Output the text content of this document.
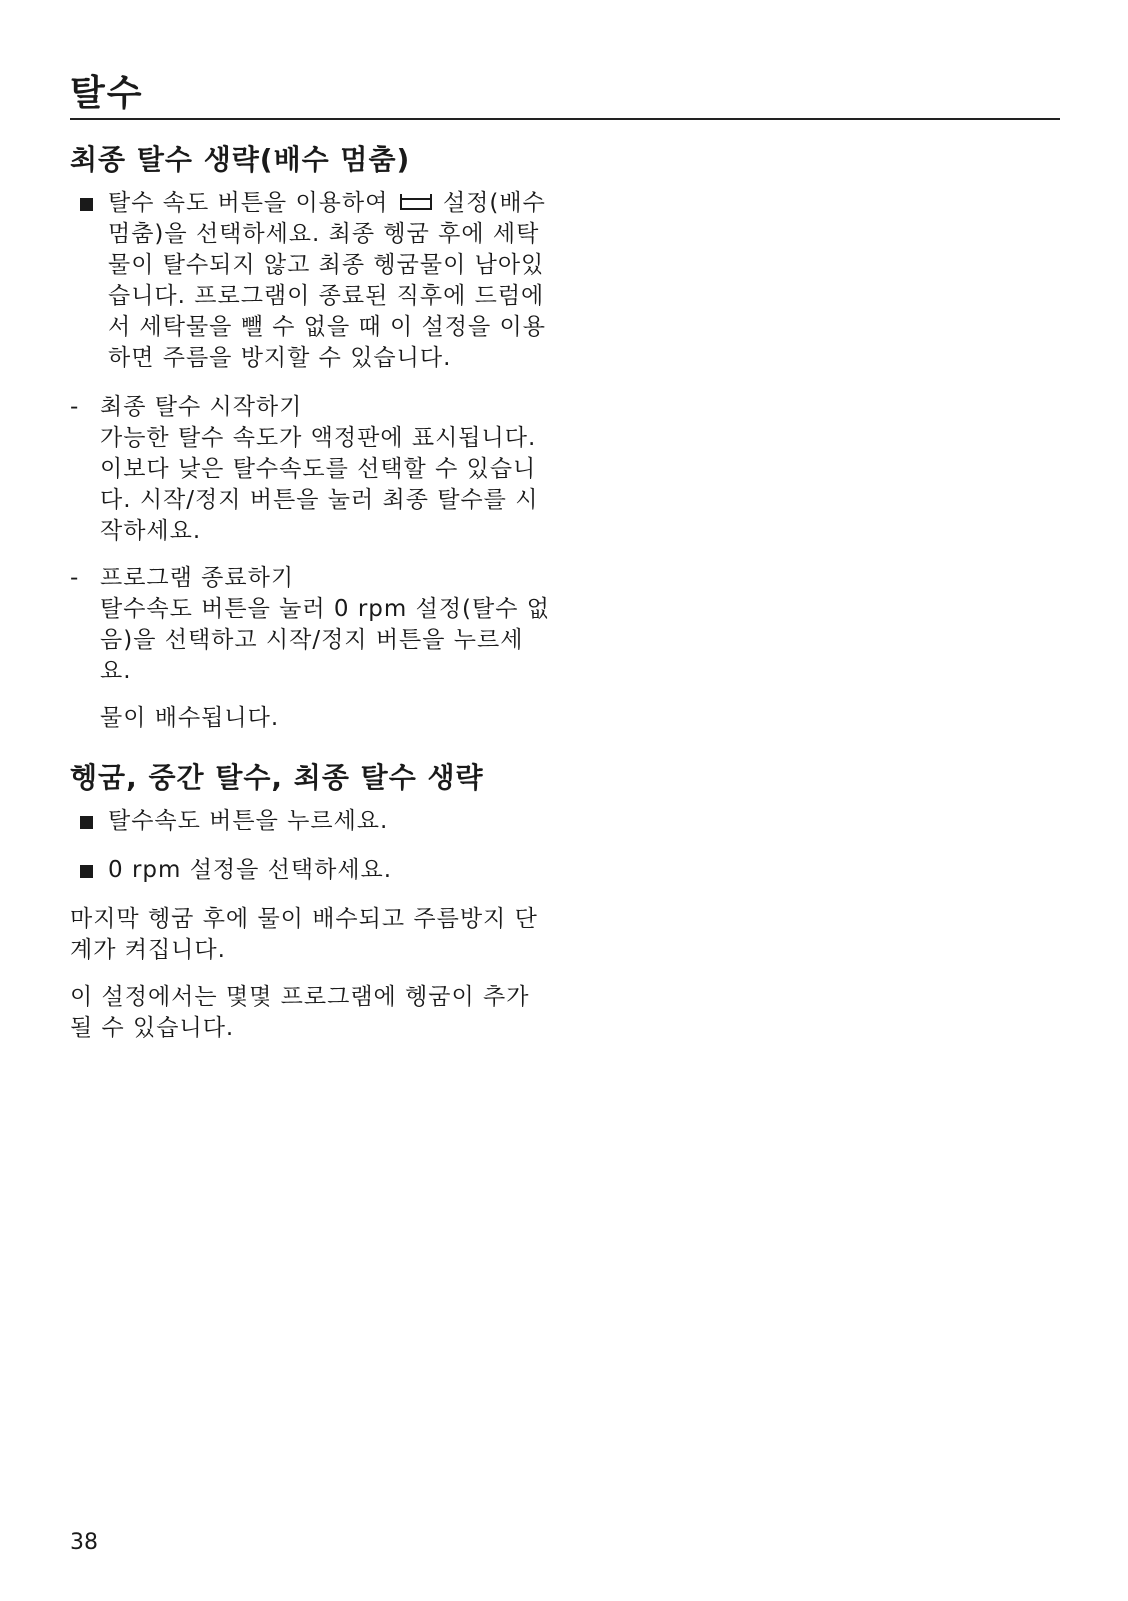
탈수
최종 탈수 생략(배수 멈춤)
탈수 속도 버튼을 이용하여 설정(배수 멈춤)을 선택하세요. 최종 헹굼 후에 세탁물이 탈수되지 않고 최종 헹굼물이 남아있습니다. 프로그램이 종료된 직후에 드럼에서 세탁물을 뺄 수 없을 때 이 설정을 이용하면 주름을 방지할 수 있습니다.
- 최종 탈수 시작하기

가능한 탈수 속도가 액정판에 표시됩니다. 이보다 낮은 탈수속도를 선택할 수 있습니다. 시작/정지 버튼을 눌러 최종 탈수를 시작하세요.

- 프로그램 종료하기

탈수속도 버튼을 눌러 0 rpm 설정(탈수 없음)을 선택하고 시작/정지 버튼을 누르세요.

물이 배수됩니다.

헹굼, 중간 탈수, 최종 탈수 생략
탈수속도 버튼을 누르세요.
0 rpm 설정을 선택하세요.

마지막 헹굼 후에 물이 배수되고 주름방지 단계가 켜집니다.

이 설정에서는 몇몇 프로그램에 헹굼이 추가될 수 있습니다.

38
